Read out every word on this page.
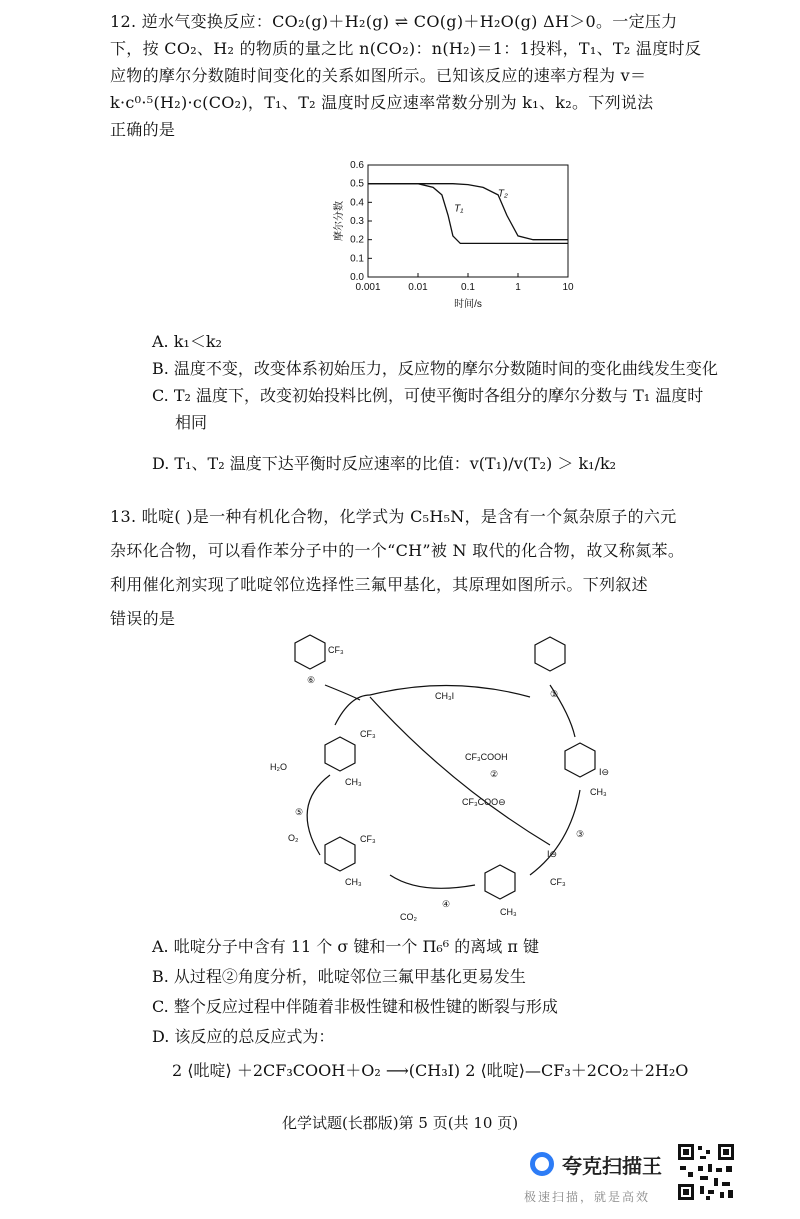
12. 逆水气变换反应：CO₂(g)＋H₂(g) ⇌ CO(g)＋H₂O(g) ΔH＞0。一定压力
下，按 CO₂、H₂ 的物质的量之比 n(CO₂)：n(H₂)＝1：1投料，T₁、T₂ 温度时反
应物的摩尔分数随时间变化的关系如图所示。已知该反应的速率方程为 v＝
k·c⁰·⁵(H₂)·c(CO₂)，T₁、T₂ 温度时反应速率常数分别为 k₁、k₂。下列说法
正确的是
0.0
0.1
0.2
0.3
0.4
0.5
0.6
0.001	0.01	0.1	1	10
T₁
T₂
摩尔分数
时间/s
A. k₁＜k₂
B. 温度不变，改变体系初始压力，反应物的摩尔分数随时间的变化曲线发生变化
C. T₂ 温度下，改变初始投料比例，可使平衡时各组分的摩尔分数与 T₁ 温度时
相同
D. T₁、T₂ 温度下达平衡时反应速率的比值：v(T₁)/v(T₂) ＞ k₁/k₂
13. 吡啶( )是一种有机化合物，化学式为 C₅H₅N，是含有一个氮杂原子的六元
杂环化合物，可以看作苯分子中的一个“CH”被 N 取代的化合物，故又称氮苯。
利用催化剂实现了吡啶邻位选择性三氟甲基化，其原理如图所示。下列叙述
错误的是
CF₃
⑥
CH₃I	①
CF₃COOH
②
CF₃COO⊖
I⊖
CH₃
③
I⊖
CF₃
CH₃
④
CO₂
CF₃
CH₃
⑤
H₂O
O₂
CF₃
CH₃
A. 吡啶分子中含有 11 个 σ 键和一个 Π₆⁶ 的离域 π 键
B. 从过程②角度分析，吡啶邻位三氟甲基化更易发生
C. 整个反应过程中伴随着非极性键和极性键的断裂与形成
D. 该反应的总反应式为：
2 ⟨吡啶⟩ ＋2CF₃COOH＋O₂ ⟶(CH₃I) 2 ⟨吡啶⟩—CF₃＋2CO₂＋2H₂O
化学试题(长郡版)第 5 页(共 10 页)
夸克扫描王
极速扫描，就是高效
